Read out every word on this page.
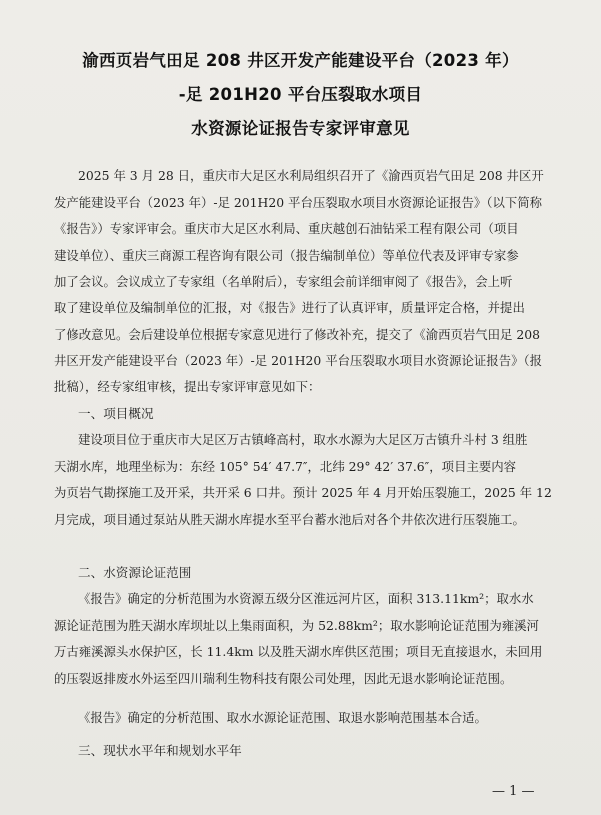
渝西页岩气田足 208 井区开发产能建设平台（2023 年）
-足 201H20 平台压裂取水项目
水资源论证报告专家评审意见
2025 年 3 月 28 日，重庆市大足区水利局组织召开了《渝西页岩气田足 208 井区开
发产能建设平台（2023 年）-足 201H20 平台压裂取水项目水资源论证报告》（以下简称
《报告》）专家评审会。重庆市大足区水利局、重庆越创石油钻采工程有限公司（项目
建设单位）、重庆三商源工程咨询有限公司（报告编制单位）等单位代表及评审专家参
加了会议。会议成立了专家组（名单附后），专家组会前详细审阅了《报告》，会上听
取了建设单位及编制单位的汇报，对《报告》进行了认真评审，质量评定合格，并提出
了修改意见。会后建设单位根据专家意见进行了修改补充，提交了《渝西页岩气田足 208
井区开发产能建设平台（2023 年）-足 201H20 平台压裂取水项目水资源论证报告》（报
批稿），经专家组审核，提出专家评审意见如下：
一、项目概况
建设项目位于重庆市大足区万古镇峰高村，取水水源为大足区万古镇升斗村 3 组胜
天湖水库，地理坐标为：东经 105° 54′ 47.7″，北纬 29° 42′ 37.6″，项目主要内容
为页岩气勘探施工及开采，共开采 6 口井。预计 2025 年 4 月开始压裂施工，2025 年 12
月完成，项目通过泵站从胜天湖水库提水至平台蓄水池后对各个井依次进行压裂施工。
二、水资源论证范围
《报告》确定的分析范围为水资源五级分区淮远河片区，面积 313.11km²；取水水
源论证范围为胜天湖水库坝址以上集雨面积，为 52.88km²；取水影响论证范围为雍溪河
万古雍溪源头水保护区，长 11.4km 以及胜天湖水库供区范围；项目无直接退水，未回用
的压裂返排废水外运至四川瑞利生物科技有限公司处理，因此无退水影响论证范围。
《报告》确定的分析范围、取水水源论证范围、取退水影响范围基本合适。
三、现状水平年和规划水平年
— 1 —
